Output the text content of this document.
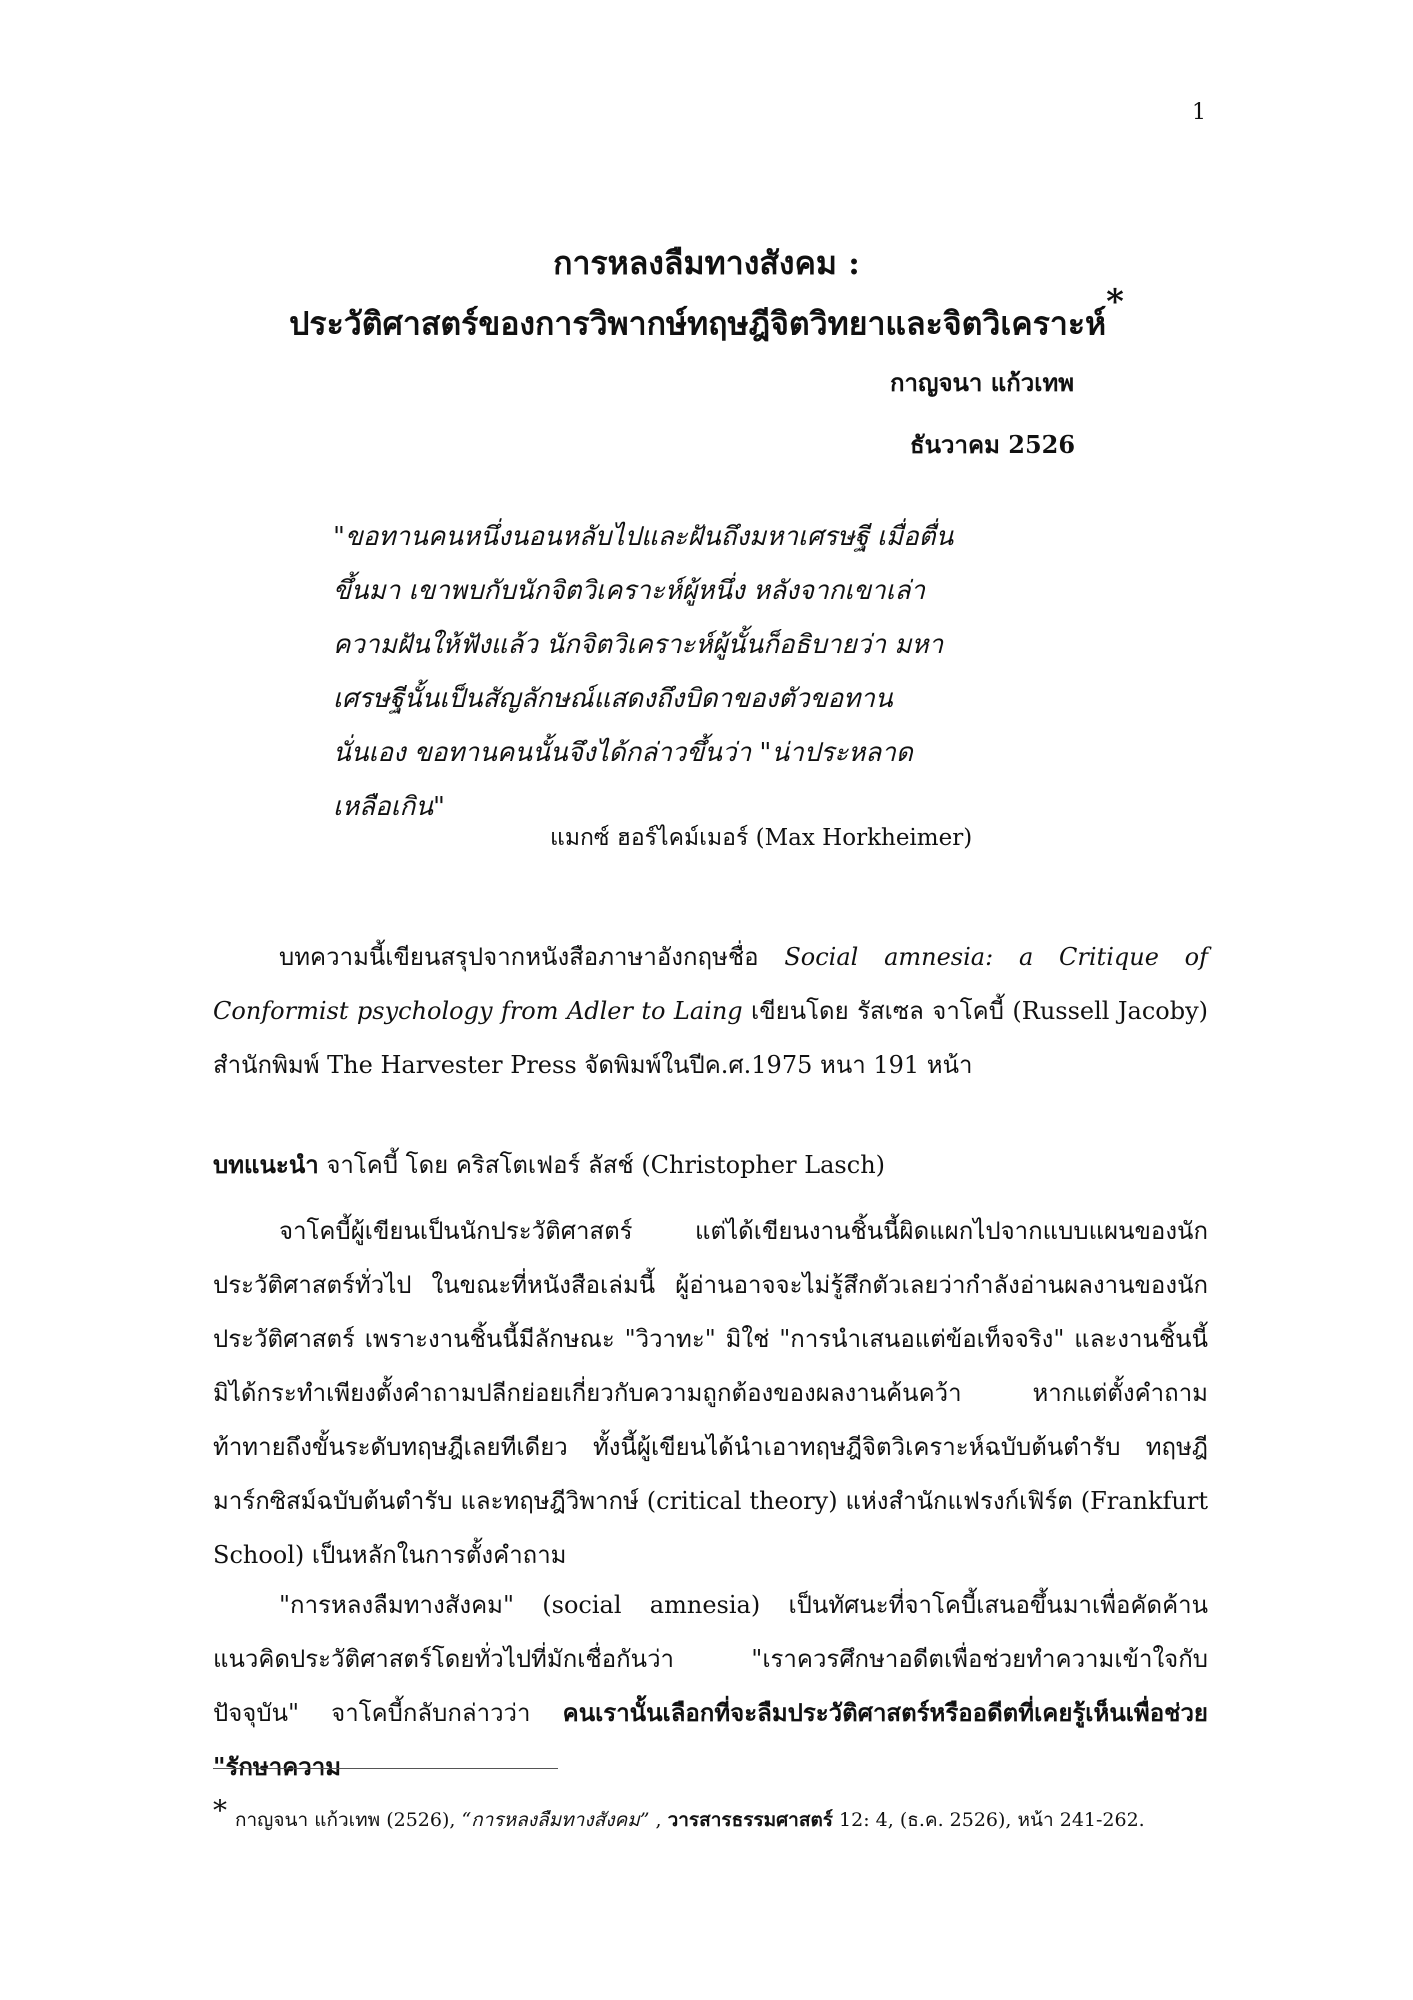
1
การหลงลืมทางสังคม :
ประวัติศาสตร์ของการวิพากษ์ทฤษฎีจิตวิทยาและจิตวิเคราะห์*
กาญจนา แก้วเทพ
ธันวาคม 2526
"ขอทานคนหนึ่งนอนหลับไปและฝันถึงมหาเศรษฐี เมื่อตื่นขึ้นมา เขาพบกับนักจิตวิเคราะห์ผู้หนึ่ง หลังจากเขาเล่าความฝันให้ฟังแล้ว นักจิตวิเคราะห์ผู้นั้นก็อธิบายว่า มหาเศรษฐีนั้นเป็นสัญลักษณ์แสดงถึงบิดาของตัวขอทานนั่นเอง ขอทานคนนั้นจึงได้กล่าวขึ้นว่า "น่าประหลาดเหลือเกิน"
แมกซ์ ฮอร์ไคม์เมอร์ (Max Horkheimer)
บทความนี้เขียนสรุปจากหนังสือภาษาอังกฤษชื่อ Social amnesia: a Critique of Conformist psychology from Adler to Laing เขียนโดย รัสเซล จาโคบี้ (Russell Jacoby) สำนักพิมพ์ The Harvester Press จัดพิมพ์ในปีค.ศ.1975 หนา 191 หน้า
บทแนะนำ จาโคบี้ โดย คริสโตเฟอร์ ลัสช์ (Christopher Lasch)
จาโคบี้ผู้เขียนเป็นนักประวัติศาสตร์ แต่ได้เขียนงานชิ้นนี้ผิดแผกไปจากแบบแผนของนักประวัติศาสตร์ทั่วไป ในขณะที่หนังสือเล่มนี้ ผู้อ่านอาจจะไม่รู้สึกตัวเลยว่ากำลังอ่านผลงานของนักประวัติศาสตร์ เพราะงานชิ้นนี้มีลักษณะ "วิวาทะ" มิใช่ "การนำเสนอแต่ข้อเท็จจริง" และงานชิ้นนี้มิได้กระทำเพียงตั้งคำถามปลีกย่อยเกี่ยวกับความถูกต้องของผลงานค้นคว้า หากแต่ตั้งคำถามท้าทายถึงขั้นระดับทฤษฎีเลยทีเดียว ทั้งนี้ผู้เขียนได้นำเอาทฤษฎีจิตวิเคราะห์ฉบับต้นตำรับ ทฤษฎีมาร์กซิสม์ฉบับต้นตำรับ และทฤษฎีวิพากษ์ (critical theory) แห่งสำนักแฟรงก์เฟิร์ต (Frankfurt School) เป็นหลักในการตั้งคำถาม
"การหลงลืมทางสังคม" (social amnesia) เป็นทัศนะที่จาโคบี้เสนอขึ้นมาเพื่อคัดค้านแนวคิดประวัติศาสตร์โดยทั่วไปที่มักเชื่อกันว่า "เราควรศึกษาอดีตเพื่อช่วยทำความเข้าใจกับปัจจุบัน" จาโคบี้กลับกล่าวว่า คนเรานั้นเลือกที่จะลืมประวัติศาสตร์หรืออดีตที่เคยรู้เห็นเพื่อช่วย "รักษาความ
* กาญจนา แก้วเทพ (2526), “การหลงลืมทางสังคม” , วารสารธรรมศาสตร์ 12: 4, (ธ.ค. 2526), หน้า 241-262.
